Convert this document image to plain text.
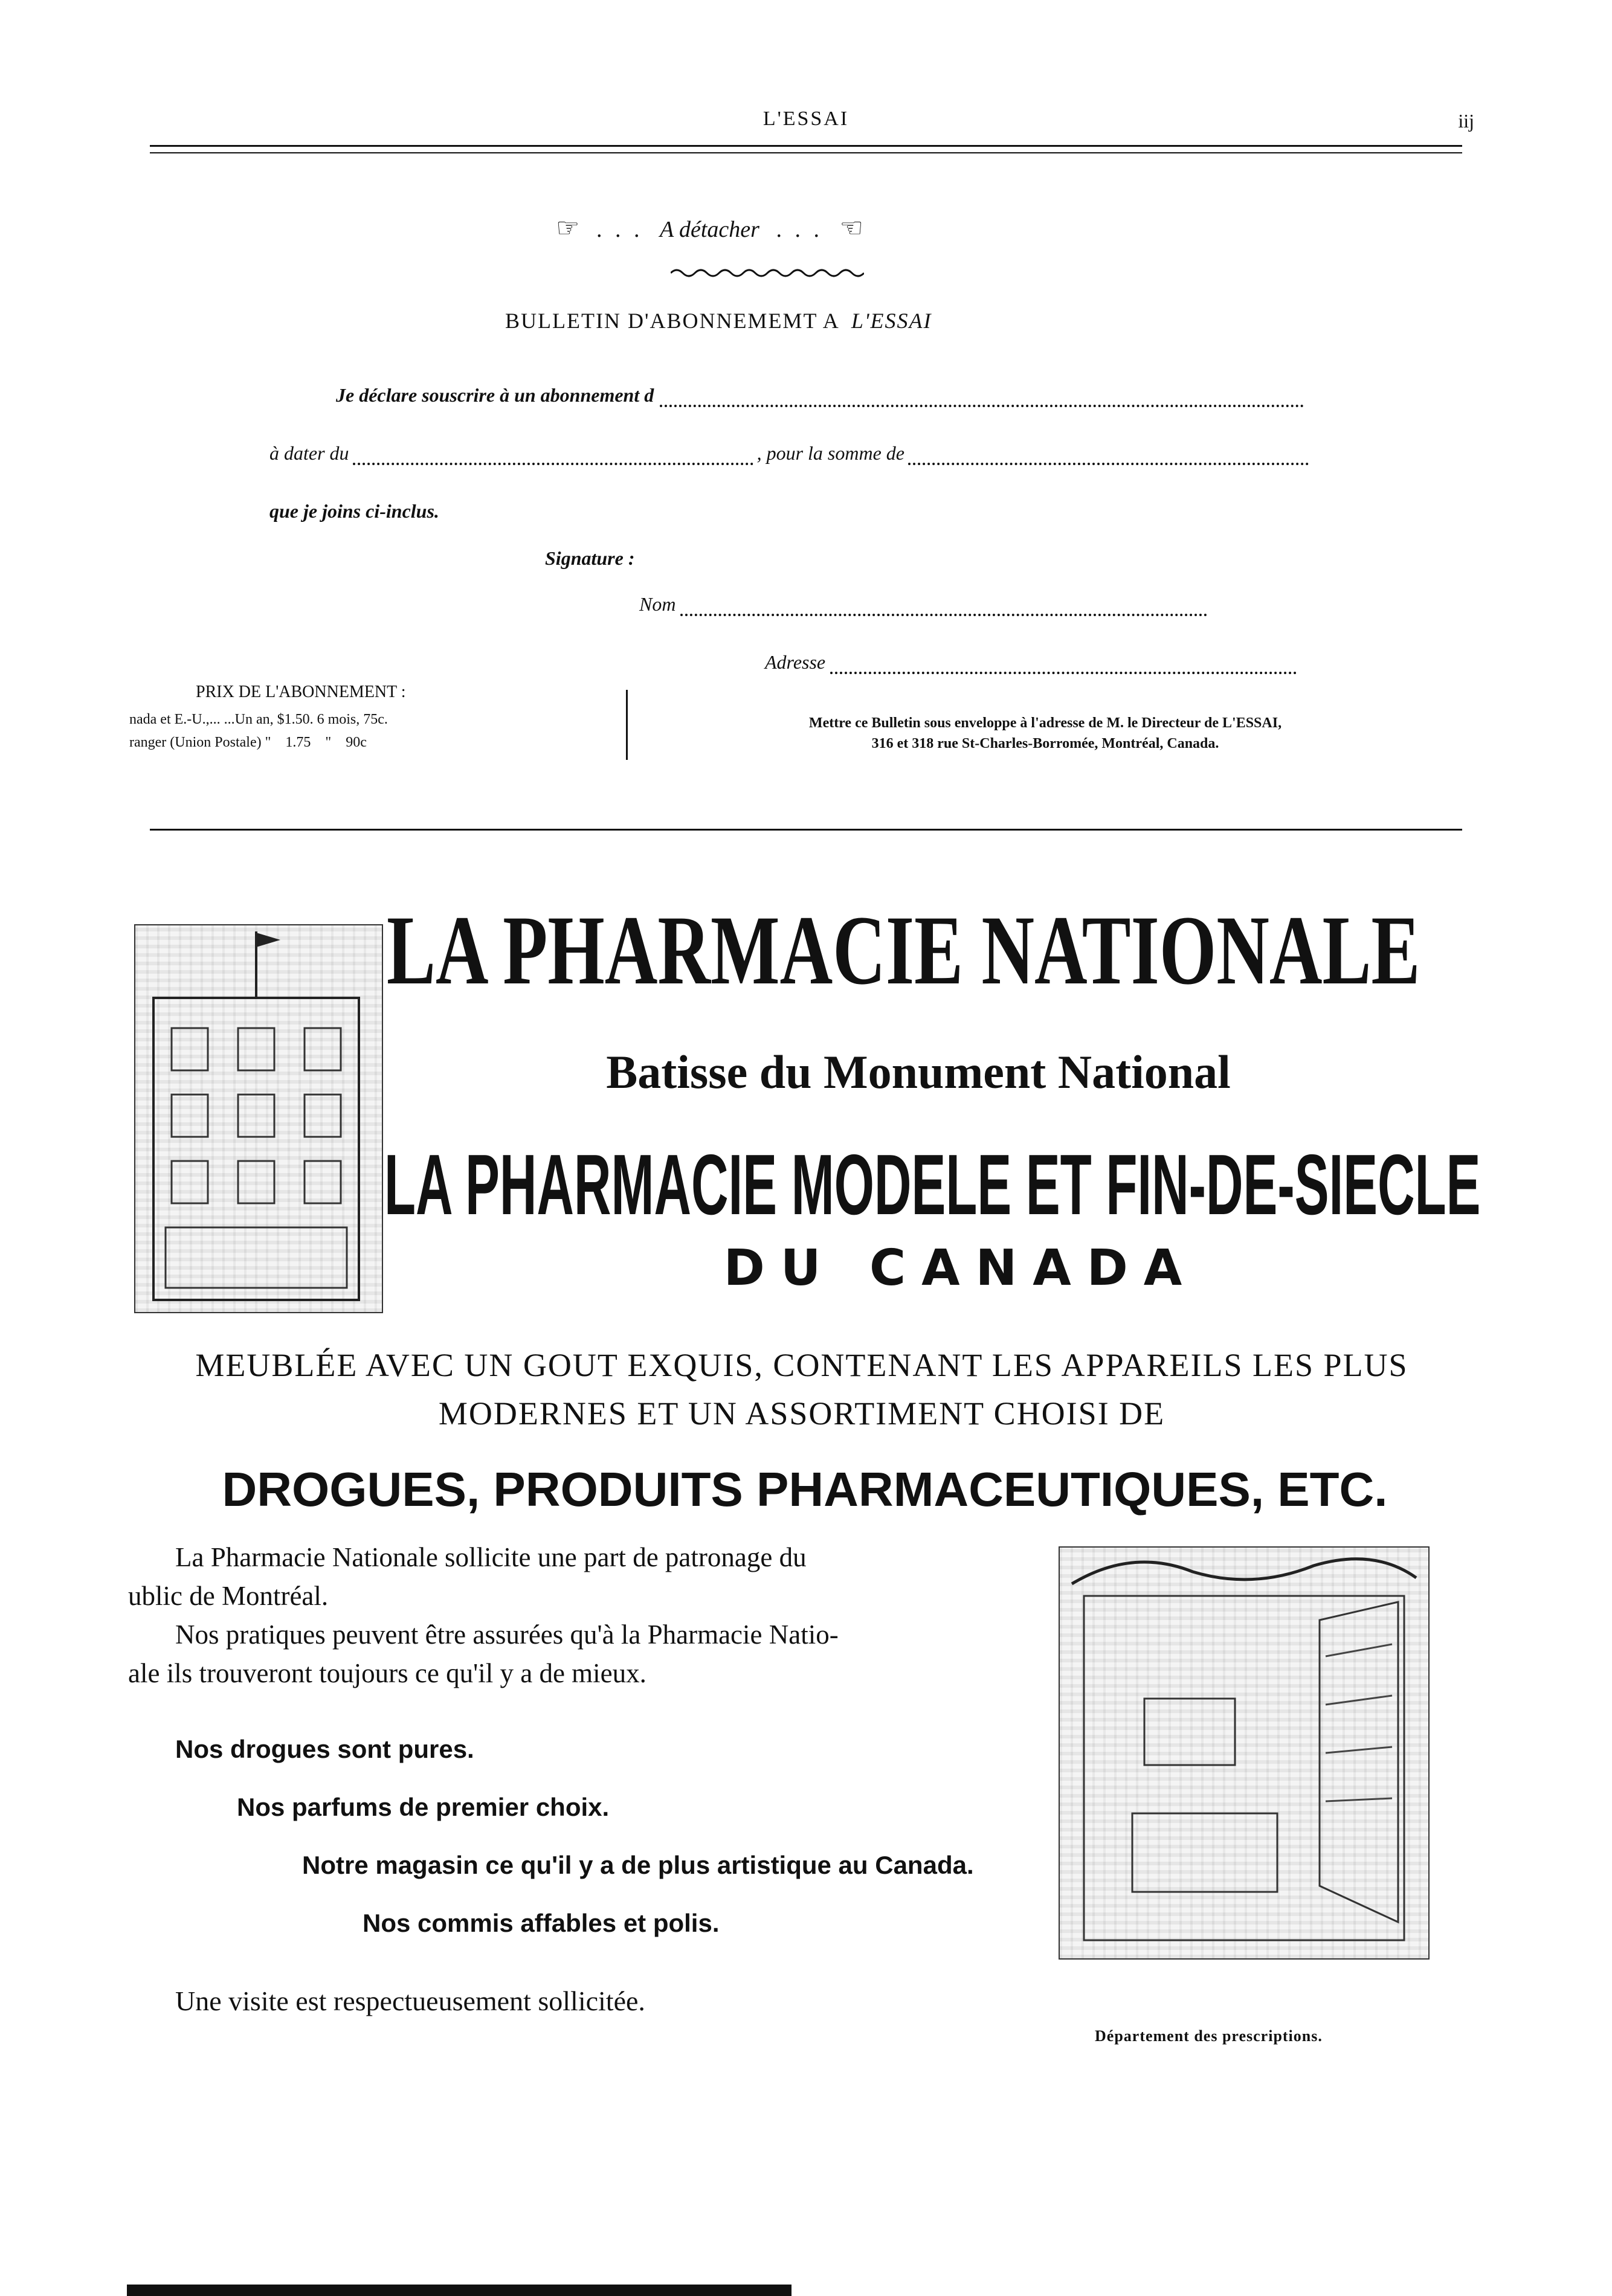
L'ESSAI	iij
☞ . . . A détacher . . . ☜
BULLETIN D'ABONNEMEMT A L'ESSAI
Je déclare souscrire à un abonnement d
à dater du	, pour la somme de
que je joins ci-inclus.
Signature :
Nom
Adresse
PRIX DE L'ABONNEMENT :
nada et E.-U.,... ...Un an, $1.50. 6 mois, 75c.
ranger (Union Postale) "    1.75    "    90c
Mettre ce Bulletin sous enveloppe à l'adresse de M. le Directeur de L'ESSAI,
316 et 318 rue St-Charles-Borromée, Montréal, Canada.
LA PHARMACIE NATIONALE
Batisse du Monument National
LA PHARMACIE MODELE ET FIN-DE-SIECLE
DU CANADA
MEUBLÉE AVEC UN GOUT EXQUIS, CONTENANT LES APPAREILS LES PLUS
MODERNES ET UN ASSORTIMENT CHOISI DE
DROGUES, PRODUITS PHARMACEUTIQUES, ETC.
La Pharmacie Nationale sollicite une part de patronage du
ublic de Montréal.
Nos pratiques peuvent être assurées qu'à la Pharmacie Natio-
ale ils trouveront toujours ce qu'il y a de mieux.
Nos drogues sont pures.
Nos parfums de premier choix.
Notre magasin ce qu'il y a de plus artistique au Canada.
Nos commis affables et polis.
Une visite est respectueusement sollicitée.
Département des prescriptions.
